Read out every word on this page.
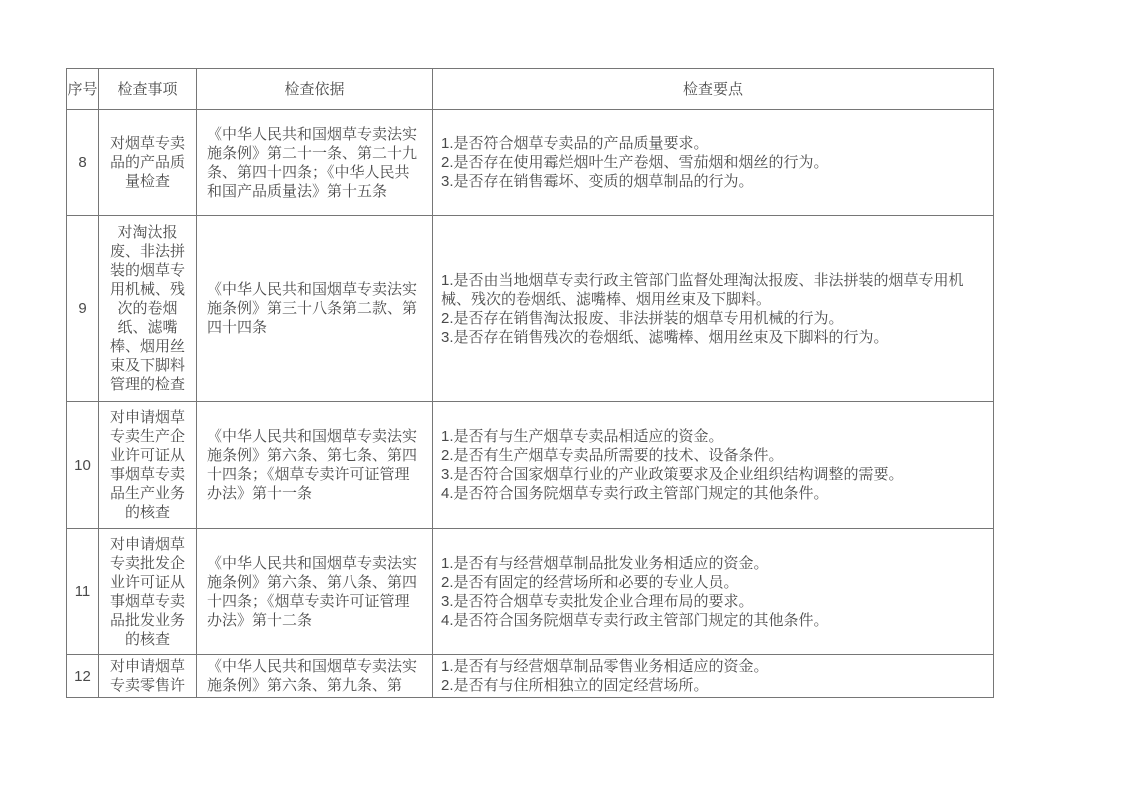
序号	检查事项	检查依据	检查要点
8	对烟草专卖品的产品质量检查	《中华人民共和国烟草专卖法实施条例》第二十一条、第二十九条、第四十四条；《中华人民共和国产品质量法》第十五条	1.是否符合烟草专卖品的产品质量要求。
2.是否存在使用霉烂烟叶生产卷烟、雪茄烟和烟丝的行为。
3.是否存在销售霉坏、变质的烟草制品的行为。

9	对淘汰报废、非法拼装的烟草专用机械、残次的卷烟纸、滤嘴棒、烟用丝束及下脚料管理的检查	《中华人民共和国烟草专卖法实施条例》第三十八条第二款、第四十四条	1.是否由当地烟草专卖行政主管部门监督处理淘汰报废、非法拼装的烟草专用机械、残次的卷烟纸、滤嘴棒、烟用丝束及下脚料。
2.是否存在销售淘汰报废、非法拼装的烟草专用机械的行为。
3.是否存在销售残次的卷烟纸、滤嘴棒、烟用丝束及下脚料的行为。

10	对申请烟草专卖生产企业许可证从事烟草专卖品生产业务的核查	《中华人民共和国烟草专卖法实施条例》第六条、第七条、第四十四条；《烟草专卖许可证管理办法》第十一条	1.是否有与生产烟草专卖品相适应的资金。
2.是否有生产烟草专卖品所需要的技术、设备条件。
3.是否符合国家烟草行业的产业政策要求及企业组织结构调整的需要。
4.是否符合国务院烟草专卖行政主管部门规定的其他条件。

11	对申请烟草专卖批发企业许可证从事烟草专卖品批发业务的核查	《中华人民共和国烟草专卖法实施条例》第六条、第八条、第四十四条；《烟草专卖许可证管理办法》第十二条	1.是否有与经营烟草制品批发业务相适应的资金。
2.是否有固定的经营场所和必要的专业人员。
3.是否符合烟草专卖批发企业合理布局的要求。
4.是否符合国务院烟草专卖行政主管部门规定的其他条件。

12	对申请烟草专卖零售许	《中华人民共和国烟草专卖法实施条例》第六条、第九条、第	1.是否有与经营烟草制品零售业务相适应的资金。
2.是否有与住所相独立的固定经营场所。
